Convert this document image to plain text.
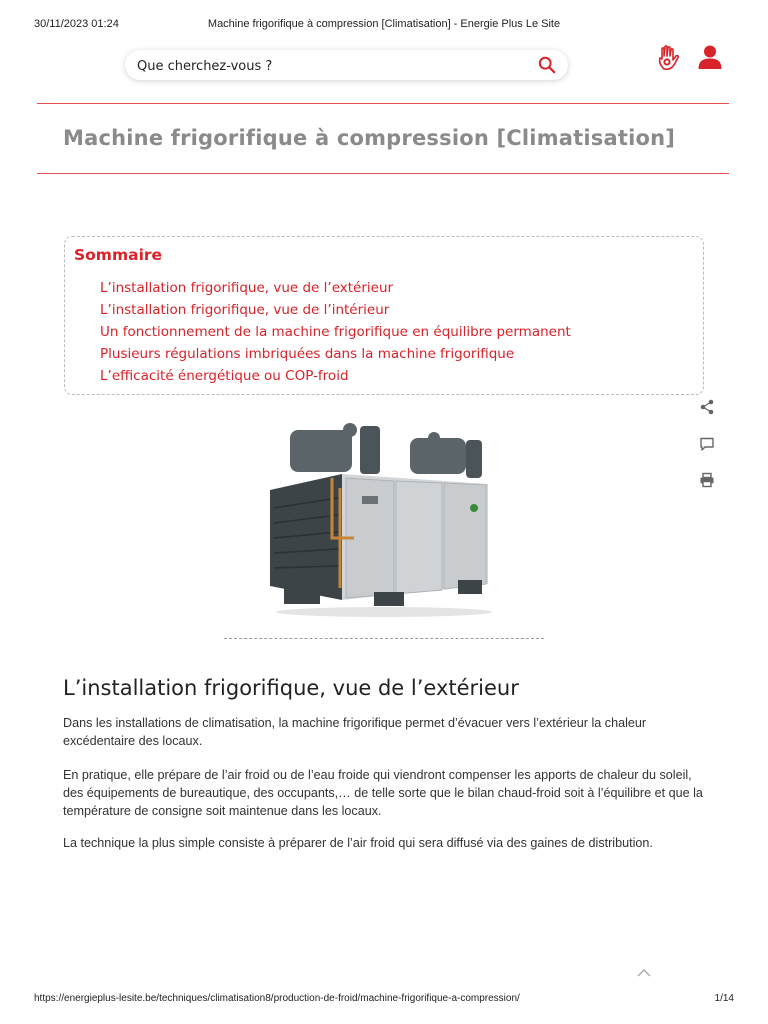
30/11/2023 01:24	Machine frigorifique à compression [Climatisation] - Energie Plus Le Site
Que cherchez-vous ?
Machine frigorifique à compression [Climatisation]
Sommaire
L’installation frigorifique, vue de l’extérieur
L’installation frigorifique, vue de l’intérieur
Un fonctionnement de la machine frigorifique en équilibre permanent
Plusieurs régulations imbriquées dans la machine frigorifique
L’efficacité énergétique ou COP-froid
L’installation frigorifique, vue de l’extérieur

Dans les installations de climatisation, la machine frigorifique permet d’évacuer vers l’extérieur la chaleur excédentaire des locaux.

En pratique, elle prépare de l’air froid ou de l’eau froide qui viendront compenser les apports de chaleur du soleil, des équipements de bureautique, des occupants,… de telle sorte que le bilan chaud-froid soit à l’équilibre et que la température de consigne soit maintenue dans les locaux.

La technique la plus simple consiste à préparer de l’air froid qui sera diffusé via des gaines de distribution.

https://energieplus-lesite.be/techniques/climatisation8/production-de-froid/machine-frigorifique-a-compression/	1/14
